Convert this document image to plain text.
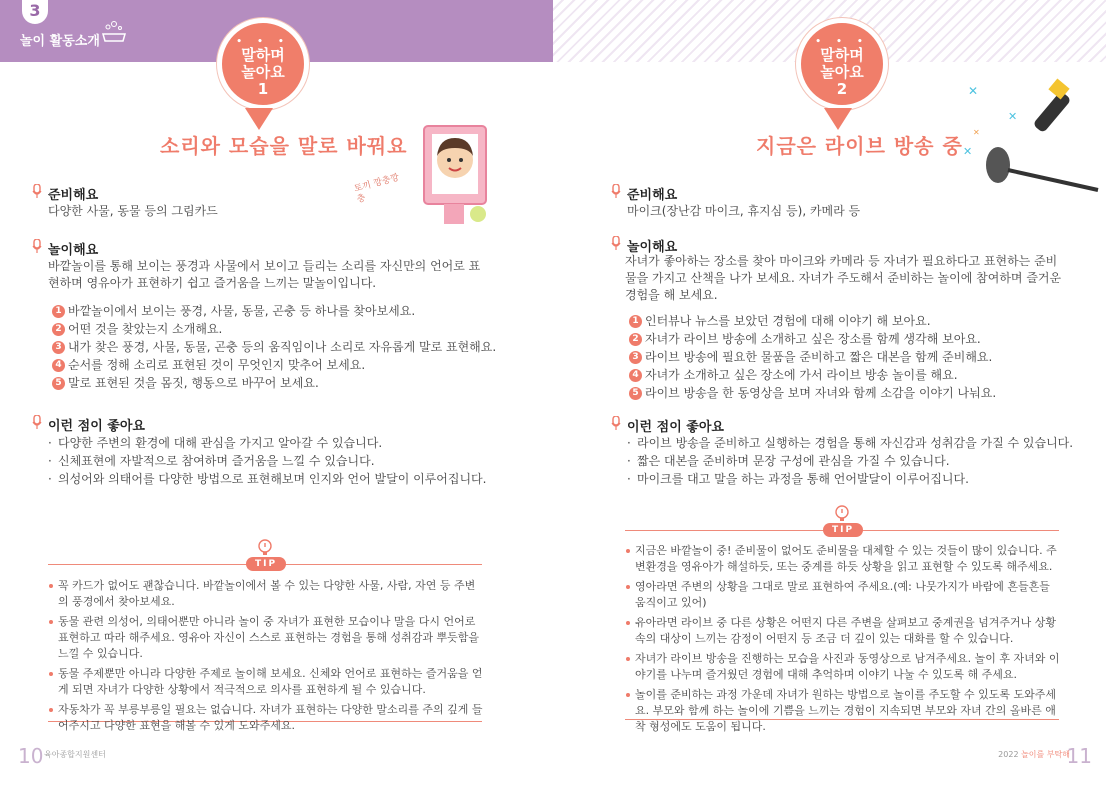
3
놀이 활동소개	• • •
말하며
놀아요
1
소리와 모습을 말로 바꿔요
토끼 깡충깡충
준비해요
다양한 사물, 동물 등의 그림카드
놀이해요
바깥놀이를 통해 보이는 풍경과 사물에서 보이고 들리는 소리를 자신만의 언어로 표현하며 영유아가 표현하기 쉽고 즐거움을 느끼는 말놀이입니다.
1 바깥놀이에서 보이는 풍경, 사물, 동물, 곤충 등 하나를 찾아보세요.
2 어떤 것을 찾았는지 소개해요.
3 내가 찾은 풍경, 사물, 동물, 곤충 등의 움직임이나 소리로 자유롭게 말로 표현해요.
4 순서를 정해 소리로 표현된 것이 무엇인지 맞추어 보세요.
5 말로 표현된 것을 몸짓, 행동으로 바꾸어 보세요.
이런 점이 좋아요
· 다양한 주변의 환경에 대해 관심을 가지고 알아갈 수 있습니다.
· 신체표현에 자발적으로 참여하며 즐거움을 느낄 수 있습니다.
· 의성어와 의태어를 다양한 방법으로 표현해보며 인지와 언어 발달이 이루어집니다.
TIP
꼭 카드가 없어도 괜찮습니다. 바깥놀이에서 볼 수 있는 다양한 사물, 사람, 자연 등 주변의 풍경에서 찾아보세요.
동물 관련 의성어, 의태어뿐만 아니라 놀이 중 자녀가 표현한 모습이나 말을 다시 언어로 표현하고 따라 해주세요. 영유아 자신이 스스로 표현하는 경험을 통해 성취감과 뿌듯함을 느낄 수 있습니다.
동물 주제뿐만 아니라 다양한 주제로 놀이해 보세요. 신체와 언어로 표현하는 즐거움을 얻게 되면 자녀가 다양한 상황에서 적극적으로 의사를 표현하게 될 수 있습니다.
자동차가 꼭 부릉부릉일 필요는 없습니다. 자녀가 표현하는 다양한 말소리를 주의 깊게 들어주시고 다양한 표현을 해볼 수 있게 도와주세요.
10 육아종합지원센터
• • •
말하며
놀아요
2
지금은 라이브 방송 중
✕
✕
✕
✕
준비해요
마이크(장난감 마이크, 휴지심 등), 카메라 등
놀이해요
자녀가 좋아하는 장소를 찾아 마이크와 카메라 등 자녀가 필요하다고 표현하는 준비물을 가지고 산책을 나가 보세요. 자녀가 주도해서 준비하는 놀이에 참여하며 즐거운 경험을 해 보세요.
1 인터뷰나 뉴스를 보았던 경험에 대해 이야기 해 보아요.
2 자녀가 라이브 방송에 소개하고 싶은 장소를 함께 생각해 보아요.
3 라이브 방송에 필요한 물품을 준비하고 짧은 대본을 함께 준비해요.
4 자녀가 소개하고 싶은 장소에 가서 라이브 방송 놀이를 해요.
5 라이브 방송을 한 동영상을 보며 자녀와 함께 소감을 이야기 나눠요.
이런 점이 좋아요
· 라이브 방송을 준비하고 실행하는 경험을 통해 자신감과 성취감을 가질 수 있습니다.
· 짧은 대본을 준비하며 문장 구성에 관심을 가질 수 있습니다.
· 마이크를 대고 말을 하는 과정을 통해 언어발달이 이루어집니다.
TIP
지금은 바깥놀이 중! 준비물이 없어도 준비물을 대체할 수 있는 것들이 많이 있습니다. 주변환경을 영유아가 해설하듯, 또는 중계를 하듯 상황을 읽고 표현할 수 있도록 해주세요.
영아라면 주변의 상황을 그대로 말로 표현하여 주세요.(예: 나뭇가지가 바람에 흔들흔들 움직이고 있어)
유아라면 라이브 중 다른 상황은 어떤지 다른 주변을 살펴보고 중계권을 넘겨주거나 상황 속의 대상이 느끼는 감정이 어떤지 등 조금 더 깊이 있는 대화를 할 수 있습니다.
자녀가 라이브 방송을 진행하는 모습을 사진과 동영상으로 남겨주세요. 놀이 후 자녀와 이야기를 나누며 즐거웠던 경험에 대해 추억하며 이야기 나눌 수 있도록 해 주세요.
놀이를 준비하는 과정 가운데 자녀가 원하는 방법으로 놀이를 주도할 수 있도록 도와주세요. 부모와 함께 하는 놀이에 기쁨을 느끼는 경험이 지속되면 부모와 자녀 간의 올바른 애착 형성에도 도움이 됩니다.
2022 놀이를 부탁해
11
